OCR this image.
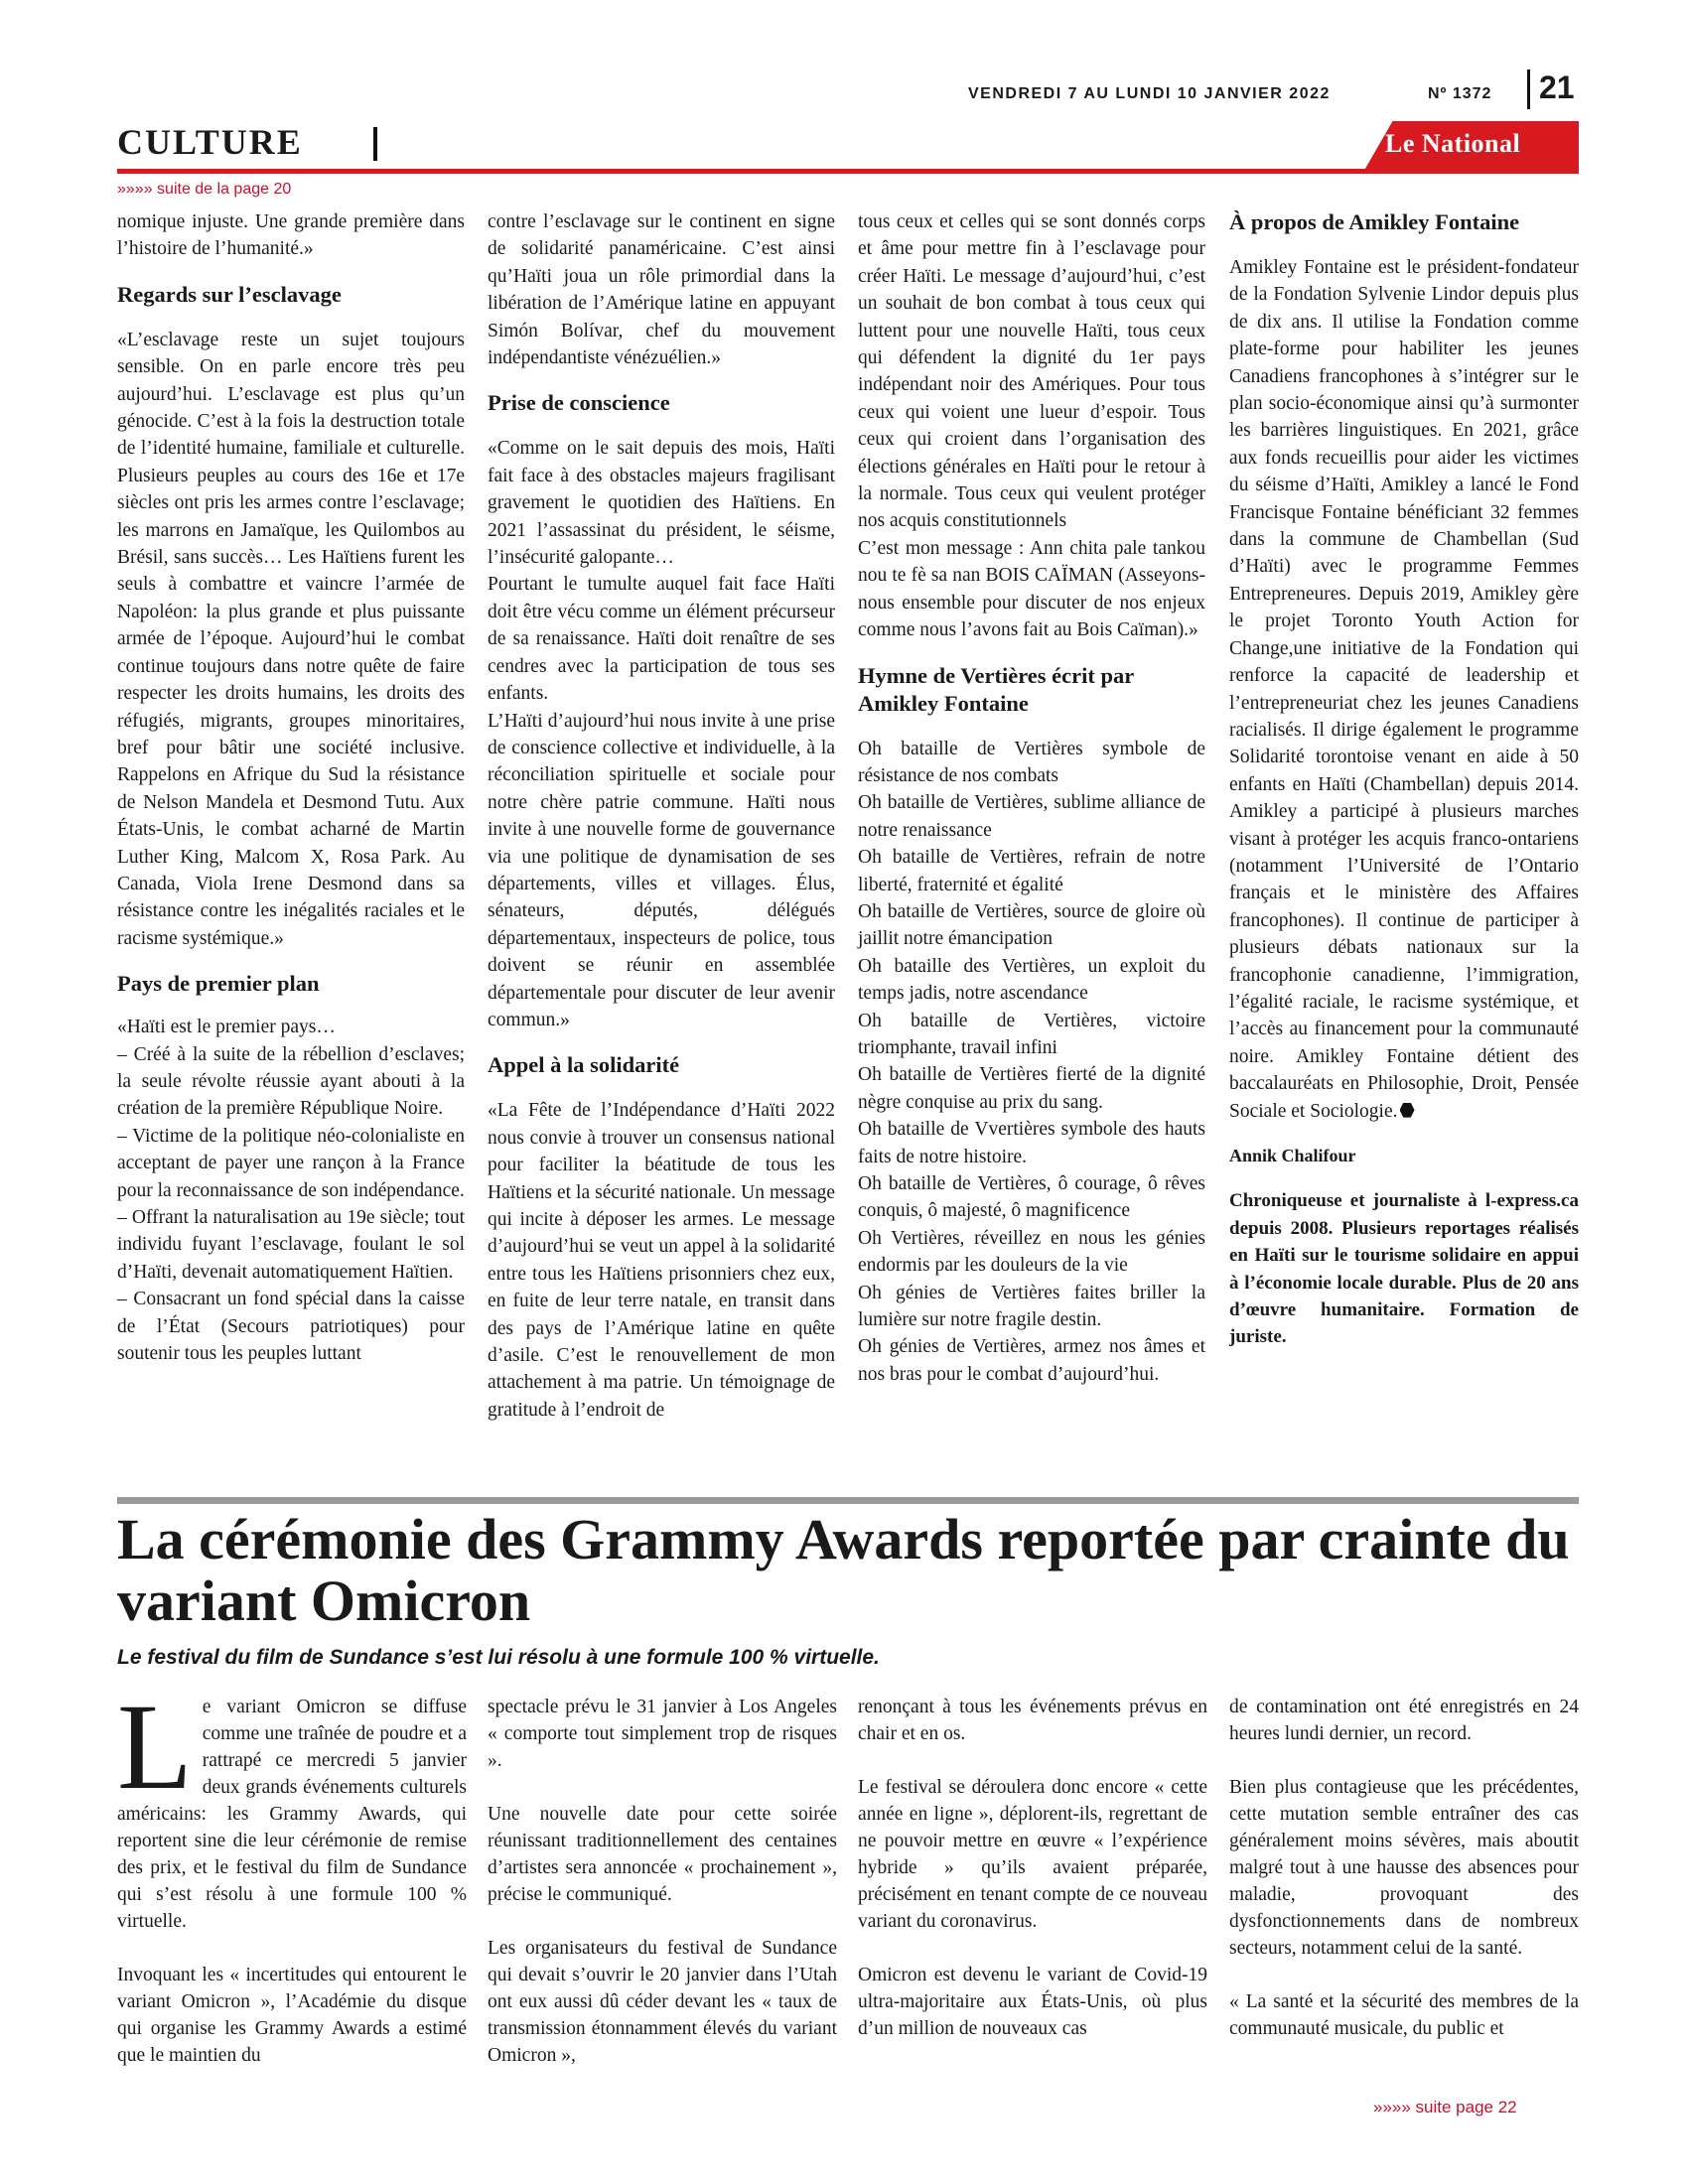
VENDREDI 7 AU LUNDI 10 JANVIER 2022	Nº 1372 21
CULTURE	Le National
»»»» suite de la page 20

nomique injuste. Une grande première dans l’histoire de l’humanité.»

Regards sur l’esclavage

«L’esclavage reste un sujet toujours sensible. On en parle encore très peu aujourd’hui. L’esclavage est plus qu’un génocide. C’est à la fois la destruction totale de l’identité humaine, familiale et culturelle. Plusieurs peuples au cours des 16e et 17e siècles ont pris les armes contre l’esclavage; les marrons en Jamaïque, les Quilombos au Brésil, sans succès… Les Haïtiens furent les seuls à combattre et vaincre l’armée de Napoléon: la plus grande et plus puissante armée de l’époque. Aujourd’hui le combat continue toujours dans notre quête de faire respecter les droits humains, les droits des réfugiés, migrants, groupes minoritaires, bref pour bâtir une société inclusive. Rappelons en Afrique du Sud la résistance de Nelson Mandela et Desmond Tutu. Aux États-Unis, le combat acharné de Martin Luther King, Malcom X, Rosa Park. Au Canada, Viola Irene Desmond dans sa résistance contre les inégalités raciales et le racisme systémique.»

Pays de premier plan

«Haïti est le premier pays…

– Créé à la suite de la rébellion d’esclaves; la seule révolte réussie ayant abouti à la création de la première République Noire.

– Victime de la politique néo-colonialiste en acceptant de payer une rançon à la France pour la reconnaissance de son indépendance.

– Offrant la naturalisation au 19e siècle; tout individu fuyant l’esclavage, foulant le sol d’Haïti, devenait automatiquement Haïtien.

– Consacrant un fond spécial dans la caisse de l’État (Secours patriotiques) pour soutenir tous les peuples luttant

contre l’esclavage sur le continent en signe de solidarité panaméricaine. C’est ainsi qu’Haïti joua un rôle primordial dans la libération de l’Amérique latine en appuyant Simón Bolívar, chef du mouvement indépendantiste vénézuélien.»

Prise de conscience

«Comme on le sait depuis des mois, Haïti fait face à des obstacles majeurs fragilisant gravement le quotidien des Haïtiens. En 2021 l’assassinat du président, le séisme, l’insécurité galopante…

Pourtant le tumulte auquel fait face Haïti doit être vécu comme un élément précurseur de sa renaissance. Haïti doit renaître de ses cendres avec la participation de tous ses enfants.

L’Haïti d’aujourd’hui nous invite à une prise de conscience collective et individuelle, à la réconciliation spirituelle et sociale pour notre chère patrie commune. Haïti nous invite à une nouvelle forme de gouvernance via une politique de dynamisation de ses départements, villes et villages. Élus, sénateurs, députés, délégués départementaux, inspecteurs de police, tous doivent se réunir en assemblée départementale pour discuter de leur avenir commun.»

Appel à la solidarité

«La Fête de l’Indépendance d’Haïti 2022 nous convie à trouver un consensus national pour faciliter la béatitude de tous les Haïtiens et la sécurité nationale. Un message qui incite à déposer les armes. Le message d’aujourd’hui se veut un appel à la solidarité entre tous les Haïtiens prisonniers chez eux, en fuite de leur terre natale, en transit dans des pays de l’Amérique latine en quête d’asile. C’est le renouvellement de mon attachement à ma patrie. Un témoignage de gratitude à l’endroit de

tous ceux et celles qui se sont donnés corps et âme pour mettre fin à l’esclavage pour créer Haïti. Le message d’aujourd’hui, c’est un souhait de bon combat à tous ceux qui luttent pour une nouvelle Haïti, tous ceux qui défendent la dignité du 1er pays indépendant noir des Amériques. Pour tous ceux qui voient une lueur d’espoir. Tous ceux qui croient dans l’organisation des élections générales en Haïti pour le retour à la normale. Tous ceux qui veulent protéger nos acquis constitutionnels

C’est mon message : Ann chita pale tankou nou te fè sa nan BOIS CAÏMAN (Asseyons-nous ensemble pour discuter de nos enjeux comme nous l’avons fait au Bois Caïman).»

Hymne de Vertières écrit par Amikley Fontaine

Oh bataille de Vertières symbole de résistance de nos combats

Oh bataille de Vertières, sublime alliance de notre renaissance

Oh bataille de Vertières, refrain de notre liberté, fraternité et égalité

Oh bataille de Vertières, source de gloire où jaillit notre émancipation

Oh bataille des Vertières, un exploit du temps jadis, notre ascendance

Oh bataille de Vertières, victoire triomphante, travail infini

Oh bataille de Vertières fierté de la dignité nègre conquise au prix du sang.

Oh bataille de Vvertières symbole des hauts faits de notre histoire.

Oh bataille de Vertières, ô courage, ô rêves conquis, ô majesté, ô magnificence

Oh Vertières, réveillez en nous les génies endormis par les douleurs de la vie

Oh génies de Vertières faites briller la lumière sur notre fragile destin.

Oh génies de Vertières, armez nos âmes et nos bras pour le combat d’aujourd’hui.

À propos de Amikley Fontaine

Amikley Fontaine est le président-fondateur de la Fondation Sylvenie Lindor depuis plus de dix ans. Il utilise la Fondation comme plate-forme pour habiliter les jeunes Canadiens francophones à s’intégrer sur le plan socio-économique ainsi qu’à surmonter les barrières linguistiques. En 2021, grâce aux fonds recueillis pour aider les victimes du séisme d’Haïti, Amikley a lancé le Fond Francisque Fontaine bénéficiant 32 femmes dans la commune de Chambellan (Sud d’Haïti) avec le programme Femmes Entrepreneures. Depuis 2019, Amikley gère le projet Toronto Youth Action for Change,une initiative de la Fondation qui renforce la capacité de leadership et l’entrepreneuriat chez les jeunes Canadiens racialisés. Il dirige également le programme Solidarité torontoise venant en aide à 50 enfants en Haïti (Chambellan) depuis 2014. Amikley a participé à plusieurs marches visant à protéger les acquis franco-ontariens (notamment l’Université de l’Ontario français et le ministère des Affaires francophones). Il continue de participer à plusieurs débats nationaux sur la francophonie canadienne, l’immigration, l’égalité raciale, le racisme systémique, et l’accès au financement pour la communauté noire. Amikley Fontaine détient des baccalauréats en Philosophie, Droit, Pensée Sociale et Sociologie.

Annik Chalifour

Chroniqueuse et journaliste à l-express.ca depuis 2008. Plusieurs reportages réalisés en Haïti sur le tourisme solidaire en appui à l’économie locale durable. Plus de 20 ans d’œuvre humanitaire. Formation de juriste.

La cérémonie des Grammy Awards reportée par crainte du variant Omicron

Le festival du film de Sundance s’est lui résolu à une formule 100 % virtuelle.

Le variant Omicron se diffuse comme une traînée de poudre et a rattrapé ce mercredi 5 janvier deux grands événements culturels américains: les Grammy Awards, qui reportent sine die leur cérémonie de remise des prix, et le festival du film de Sundance qui s’est résolu à une formule 100 % virtuelle.

Invoquant les « incertitudes qui entourent le variant Omicron », l’Académie du disque qui organise les Grammy Awards a estimé que le maintien du

spectacle prévu le 31 janvier à Los Angeles « comporte tout simplement trop de risques ».

Une nouvelle date pour cette soirée réunissant traditionnellement des centaines d’artistes sera annoncée « prochainement », précise le communiqué.

Les organisateurs du festival de Sundance qui devait s’ouvrir le 20 janvier dans l’Utah ont eux aussi dû céder devant les « taux de transmission étonnamment élevés du variant Omicron »,

renonçant à tous les événements prévus en chair et en os.

Le festival se déroulera donc encore « cette année en ligne », déplorent-ils, regrettant de ne pouvoir mettre en œuvre « l’expérience hybride » qu’ils avaient préparée, précisément en tenant compte de ce nouveau variant du coronavirus.

Omicron est devenu le variant de Covid-19 ultra-majoritaire aux États-Unis, où plus d’un million de nouveaux cas

de contamination ont été enregistrés en 24 heures lundi dernier, un record.

Bien plus contagieuse que les précédentes, cette mutation semble entraîner des cas généralement moins sévères, mais aboutit malgré tout à une hausse des absences pour maladie, provoquant des dysfonctionnements dans de nombreux secteurs, notamment celui de la santé.

« La santé et la sécurité des membres de la communauté musicale, du public et

»»»» suite page 22
